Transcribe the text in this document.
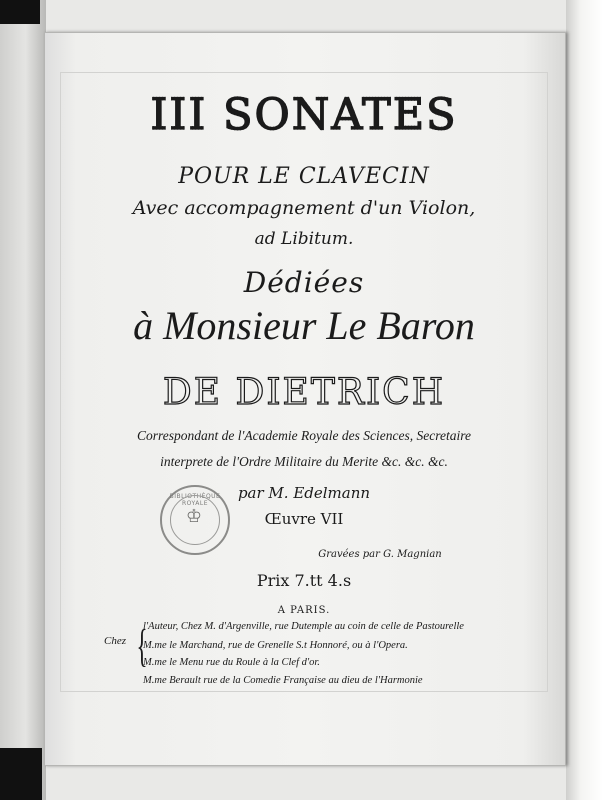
III SONATES
POUR LE CLAVECIN
Avec accompagnement d'un Violon,
ad Libitum.
Dédiées
à Monsieur Le Baron
DE DIETRICH
Correspondant de l'Academie Royale des Sciences, Secretaire
interprete de l'Ordre Militaire du Merite &c. &c. &c.
par M. Edelmann
Œuvre VII
Gravées par G. Magnian
Prix 7.tt 4.s
A PARIS.
Chez {
l'Auteur, Chez M. d'Argenville, rue Dutemple au coin de celle de Pastourelle
M.me le Marchand, rue de Grenelle S.t Honnoré, ou à l'Opera.
M.me le Menu rue du Roule à la Clef d'or.
M.me Berault rue de la Comedie Française au dieu de l'Harmonie
BIBLIOTHÈQUE ROYALE
♔
